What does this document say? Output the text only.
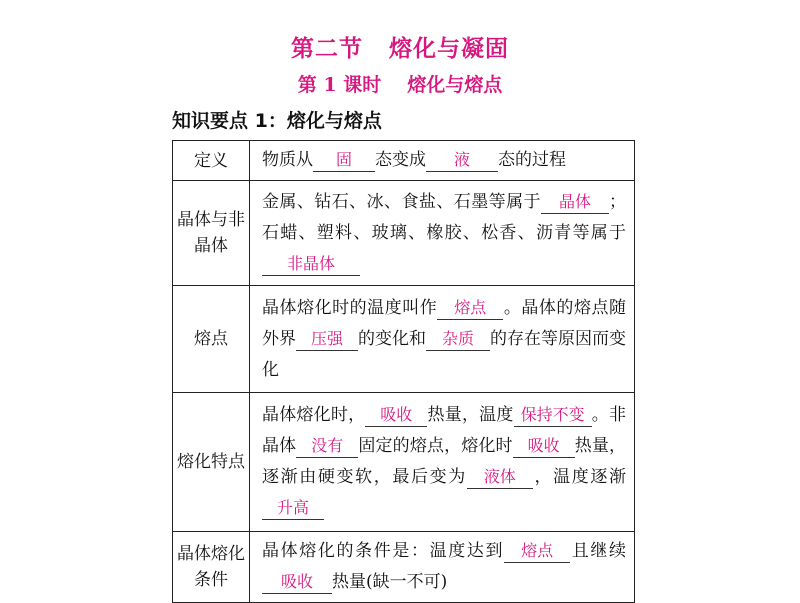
第二节 熔化与凝固
第 1 课时 熔化与熔点
知识要点 1：熔化与熔点
定义	物质从 固 态变成 液 态的过程
晶体与非晶体	金属、钻石、冰、食盐、石墨等属于 晶体 ；石蜡、塑料、玻璃、橡胶、松香、沥青等属于非晶体
熔点	晶体熔化时的温度叫作 熔点 。晶体的熔点随外界 压强 的变化和 杂质 的存在等原因而变化
熔化特点	晶体熔化时， 吸收 热量，温度 保持不变 。非晶体 没有 固定的熔点，熔化时 吸收 热量，逐渐由硬变软，最后变为 液体 ，温度逐渐升高
晶体熔化条件	晶体熔化的条件是：温度达到 熔点 且继续吸收 热量(缺一不可)
